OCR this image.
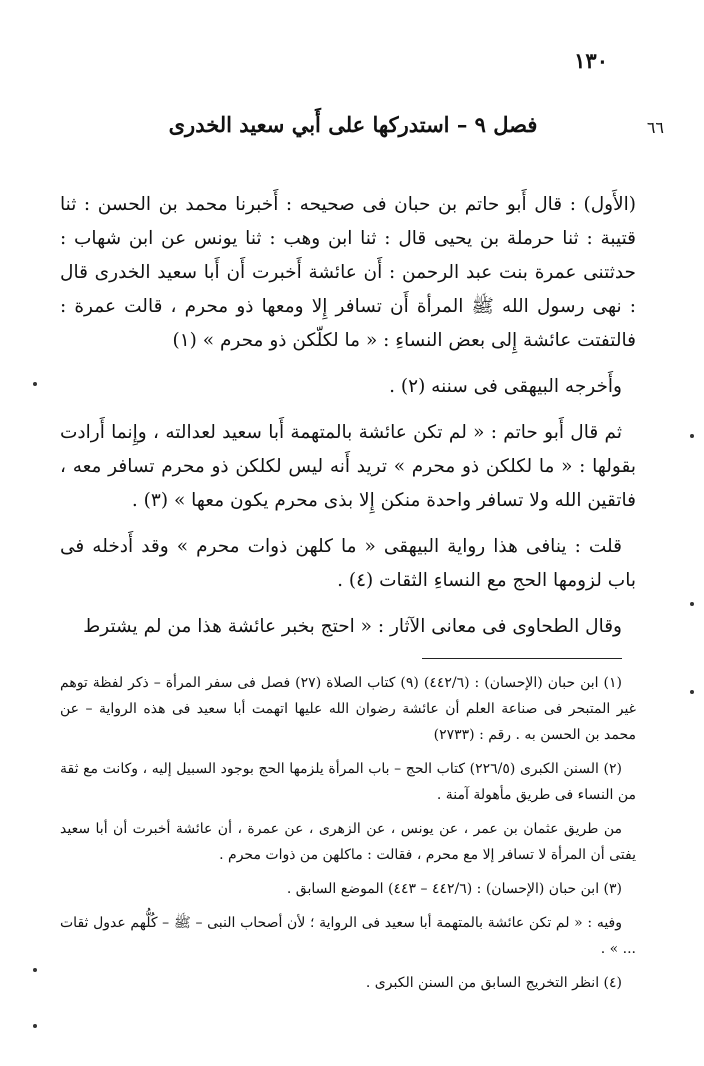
١٣٠
٦٦
فصل ٩ – استدركها على أَبي سعيد الخدرى

(الأَول) : قال أَبو حاتم بن حبان فى صحيحه : أَخبرنا محمد بن الحسن : ثنا قتيبة : ثنا حرملة بن يحيى قال : ثنا ابن وهب : ثنا يونس عن ابن شهاب : حدثتنى عمرة بنت عبد الرحمن : أَن عائشة أَخبرت أَن أَبا سعيد الخدرى قال : نهى رسول الله ﷺ المرأة أَن تسافر إِلا ومعها ذو محرم ، قالت عمرة : فالتفتت عائشة إِلى بعض النساءِ : « ما لكلّكن ذو محرم » (١)

وأَخرجه البيهقى فى سننه (٢) .

ثم قال أَبو حاتم : « لم تكن عائشة بالمتهمة أَبا سعيد لعدالته ، وإِنما أَرادت بقولها : « ما لكلكن ذو محرم » تريد أَنه ليس لكلكن ذو محرم تسافر معه ، فاتقين الله ولا تسافر واحدة منكن إِلا بذى محرم يكون معها » (٣) .

قلت : ينافى هذا رواية البيهقى « ما كلهن ذوات محرم » وقد أَدخله فى باب لزومها الحج مع النساءِ الثقات (٤) .

وقال الطحاوى فى معانى الآثار : « احتج بخبر عائشة هذا من لم يشترط

(١) ابن حبان (الإحسان) : (٤٤٢/٦) (٩) كتاب الصلاة (٢٧) فصل فى سفر المرأة – ذكر لفظة توهم غير المتبحر فى صناعة العلم أن عائشة رضوان الله عليها اتهمت أبا سعيد فى هذه الرواية – عن محمد بن الحسن به . رقم : (٢٧٣٣)

(٢) السنن الكبرى (٢٢٦/٥) كتاب الحج – باب المرأة يلزمها الحج بوجود السبيل إليه ، وكانت مع ثقة من النساء فى طريق مأهولة آمنة .

من طريق عثمان بن عمر ، عن يونس ، عن الزهرى ، عن عمرة ، أن عائشة أخبرت أن أبا سعيد يفتى أن المرأة لا تسافر إلا مع محرم ، فقالت : ماكلهن من ذوات محرم .

(٣) ابن حبان (الإحسان) : (٤٤٢/٦ – ٤٤٣) الموضع السابق .

وفيه : « لم تكن عائشة بالمتهمة أبا سعيد فى الرواية ؛ لأن أصحاب النبى – ﷺ – كُلُّهم عدول ثقات ... » .

(٤) انظر التخريج السابق من السنن الكبرى .
